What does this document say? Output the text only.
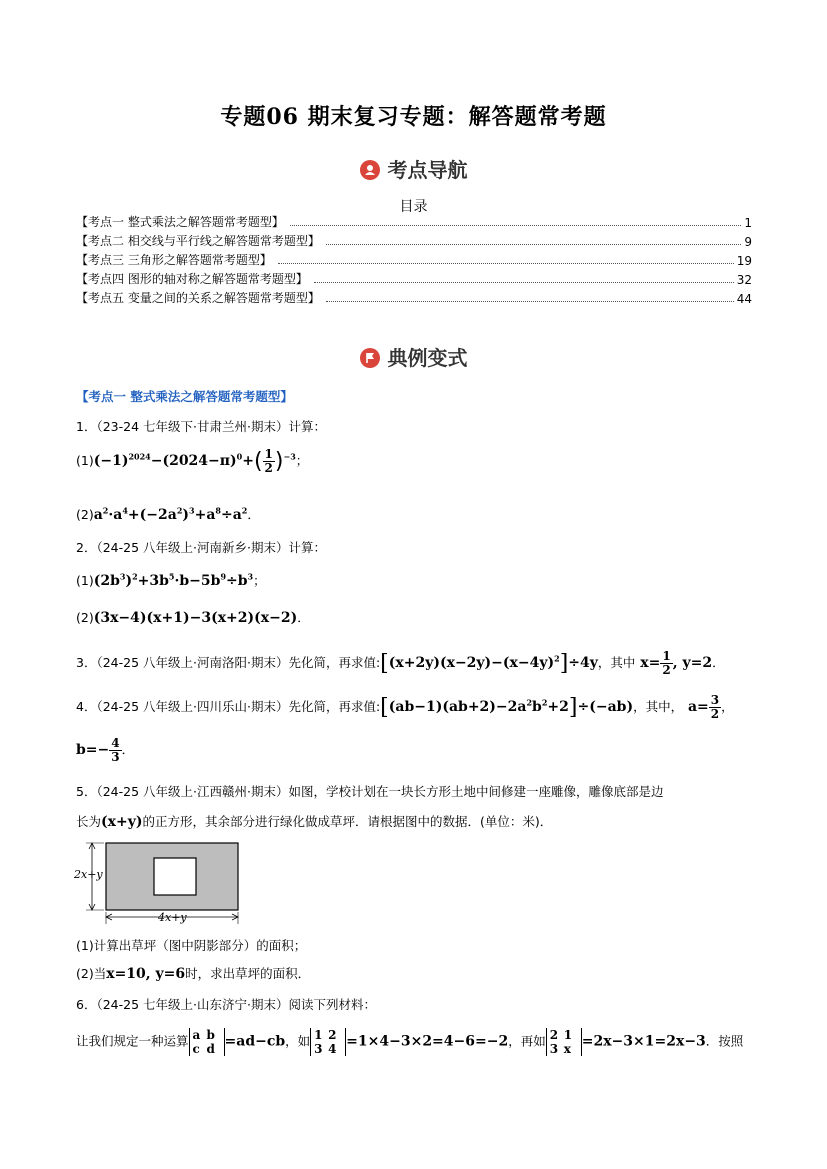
专题06 期末复习专题：解答题常考题
考点导航
目录
【考点一 整式乘法之解答题常考题型】	1
【考点二 相交线与平行线之解答题常考题型】	9
【考点三 三角形之解答题常考题型】	19
【考点四 图形的轴对称之解答题常考题型】	32
【考点五 变量之间的关系之解答题常考题型】	44
典例变式
【考点一 整式乘法之解答题常考题型】
1．（23-24 七年级下·甘肃兰州·期末）计算：
$(1)(-1)^{2024}-(2024-\pi)^0+( \frac{1}{2} )^{-3}$；
$(2)a^2\cdot a^4+(-2a^2)^3+a^8\div a^2$．
2．（24-25 八年级上·河南新乡·期末）计算：
$(1)(2b^3)^2+3b^5\cdot b-5b^9\div b^3$；
(2)(3x−4)(x+1)−3(x+2)(x−2)．
3．（24-25 八年级上·河南洛阳·期末）先化简，再求值$:[(x+2y)(x-2y)-(x-4y)^2]\div 4y$，其中 $x= \frac{1}{2}$ , y=2．
4．（24-25 八年级上·四川乐山·期末）先化简，再求值$:[(ab-1)(ab+2)-2a^2b^2+2]\div(-ab)$，其中， $a= \frac{3}{2}$ ，
$b=- \frac{4}{3}$ ．
5．（24-25 八年级上·江西赣州·期末）如图，学校计划在一块长方形土地中间修建一座雕像，雕像底部是边
长为(x+y)的正方形，其余部分进行绿化做成草坪．请根据图中的数据．(单位：米)．
2x+y
4x+y
(1)计算出草坪（图中阴影部分）的面积；
(2)当x=10, y=6时，求出草坪的面积．
6．（24-25 七年级上·山东济宁·期末）阅读下列材料：
让我们规定一种运算 a b
c d =ad−cb，如 1 2
3 4 =1×4−3×2=4−6=−2，再如 2 1
3 x =2x−3×1=2x−3．按照
